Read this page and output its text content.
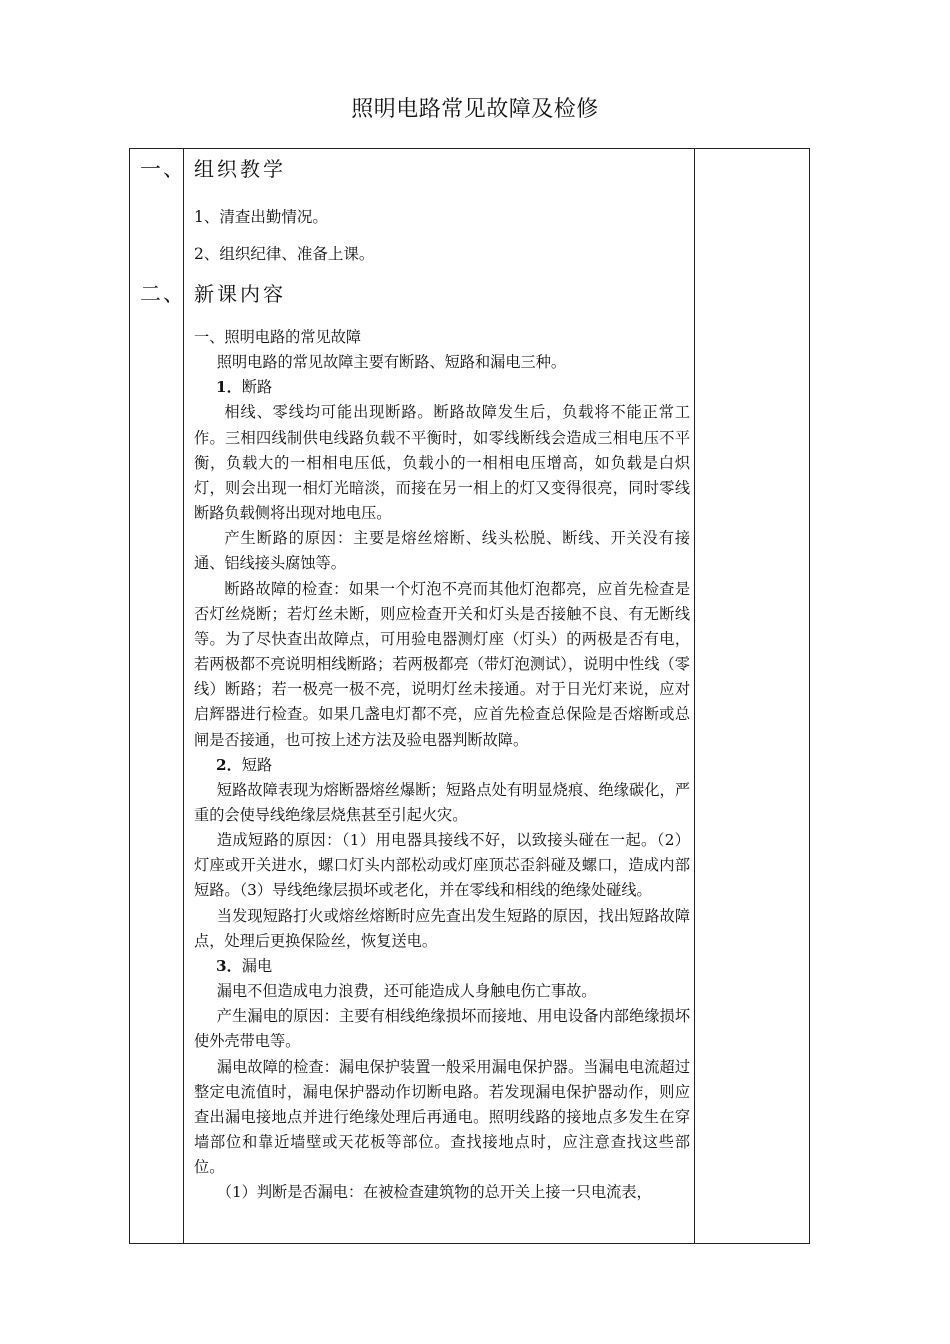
照明电路常见故障及检修
一、 组织教学
1、清查出勤情况。
2、组织纪律、准备上课。
二、 新课内容

一、照明电路的常见故障

照明电路的常见故障主要有断路、短路和漏电三种。

1．断路

相线、零线均可能出现断路。断路故障发生后，负载将不能正常工作。三相四线制供电线路负载不平衡时，如零线断线会造成三相电压不平衡，负载大的一相相电压低，负载小的一相相电压增高，如负载是白炽灯，则会出现一相灯光暗淡，而接在另一相上的灯又变得很亮，同时零线断路负载侧将出现对地电压。

产生断路的原因：主要是熔丝熔断、线头松脱、断线、开关没有接通、铝线接头腐蚀等。

断路故障的检查：如果一个灯泡不亮而其他灯泡都亮，应首先检查是否灯丝烧断；若灯丝未断，则应检查开关和灯头是否接触不良、有无断线等。为了尽快查出故障点，可用验电器测灯座（灯头）的两极是否有电，若两极都不亮说明相线断路；若两极都亮（带灯泡测试），说明中性线（零线）断路；若一极亮一极不亮，说明灯丝未接通。对于日光灯来说，应对启辉器进行检查。如果几盏电灯都不亮，应首先检查总保险是否熔断或总闸是否接通，也可按上述方法及验电器判断故障。

2．短路

短路故障表现为熔断器熔丝爆断；短路点处有明显烧痕、绝缘碳化，严重的会使导线绝缘层烧焦甚至引起火灾。

造成短路的原因：（1）用电器具接线不好，以致接头碰在一起。（2）灯座或开关进水，螺口灯头内部松动或灯座顶芯歪斜碰及螺口，造成内部短路。（3）导线绝缘层损坏或老化，并在零线和相线的绝缘处碰线。

当发现短路打火或熔丝熔断时应先查出发生短路的原因，找出短路故障点，处理后更换保险丝，恢复送电。

3．漏电

漏电不但造成电力浪费，还可能造成人身触电伤亡事故。

产生漏电的原因：主要有相线绝缘损坏而接地、用电设备内部绝缘损坏使外壳带电等。

漏电故障的检查：漏电保护装置一般采用漏电保护器。当漏电电流超过整定电流值时，漏电保护器动作切断电路。若发现漏电保护器动作，则应查出漏电接地点并进行绝缘处理后再通电。照明线路的接地点多发生在穿墙部位和靠近墙壁或天花板等部位。查找接地点时，应注意查找这些部位。

（1）判断是否漏电：在被检查建筑物的总开关上接一只电流表，
